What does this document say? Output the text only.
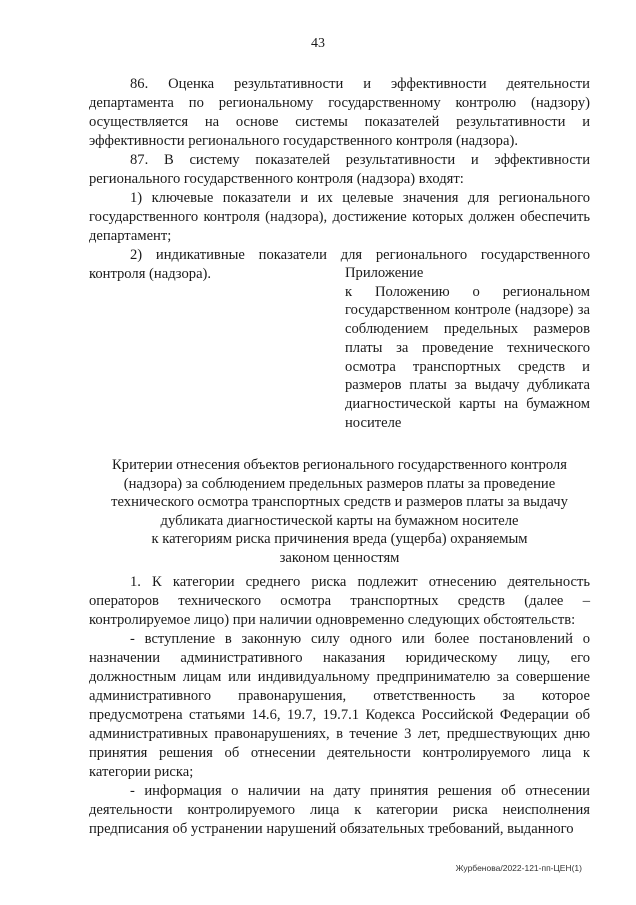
43

86. Оценка результативности и эффективности деятельности департамента по региональному государственному контролю (надзору) осуществляется на основе системы показателей результативности и эффективности регионального государственного контроля (надзора).

87. В систему показателей результативности и эффективности регионального государственного контроля (надзора) входят:

1) ключевые показатели и их целевые значения для регионального государственного контроля (надзора), достижение которых должен обеспечить департамент;

2) индикативные показатели для регионального государственного контроля (надзора).	Приложение

к Положению о региональном государственном контроле (надзоре) за соблюдением предельных размеров платы за проведение технического осмотра транспортных средств и размеров платы за выдачу дубликата диагностической карты на бумажном носителе

Критерии отнесения объектов регионального государственного контроля
(надзора) за соблюдением предельных размеров платы за проведение
технического осмотра транспортных средств и размеров платы за выдачу
дубликата диагностической карты на бумажном носителе
к категориям риска причинения вреда (ущерба) охраняемым
законом ценностям

1. К категории среднего риска подлежит отнесению деятельность операторов технического осмотра транспортных средств (далее – контролируемое лицо) при наличии одновременно следующих обстоятельств:

- вступление в законную силу одного или более постановлений о назначении административного наказания юридическому лицу, его должностным лицам или индивидуальному предпринимателю за совершение административного правонарушения, ответственность за которое предусмотрена статьями 14.6, 19.7, 19.7.1 Кодекса Российской Федерации об административных правонарушениях, в течение 3 лет, предшествующих дню принятия решения об отнесении деятельности контролируемого лица к категории риска;

- информация о наличии на дату принятия решения об отнесении деятельности контролируемого лица к категории риска неисполнения предписания об устранении нарушений обязательных требований, выданного

Журбенова/2022-121-пп-ЦЕН(1)
